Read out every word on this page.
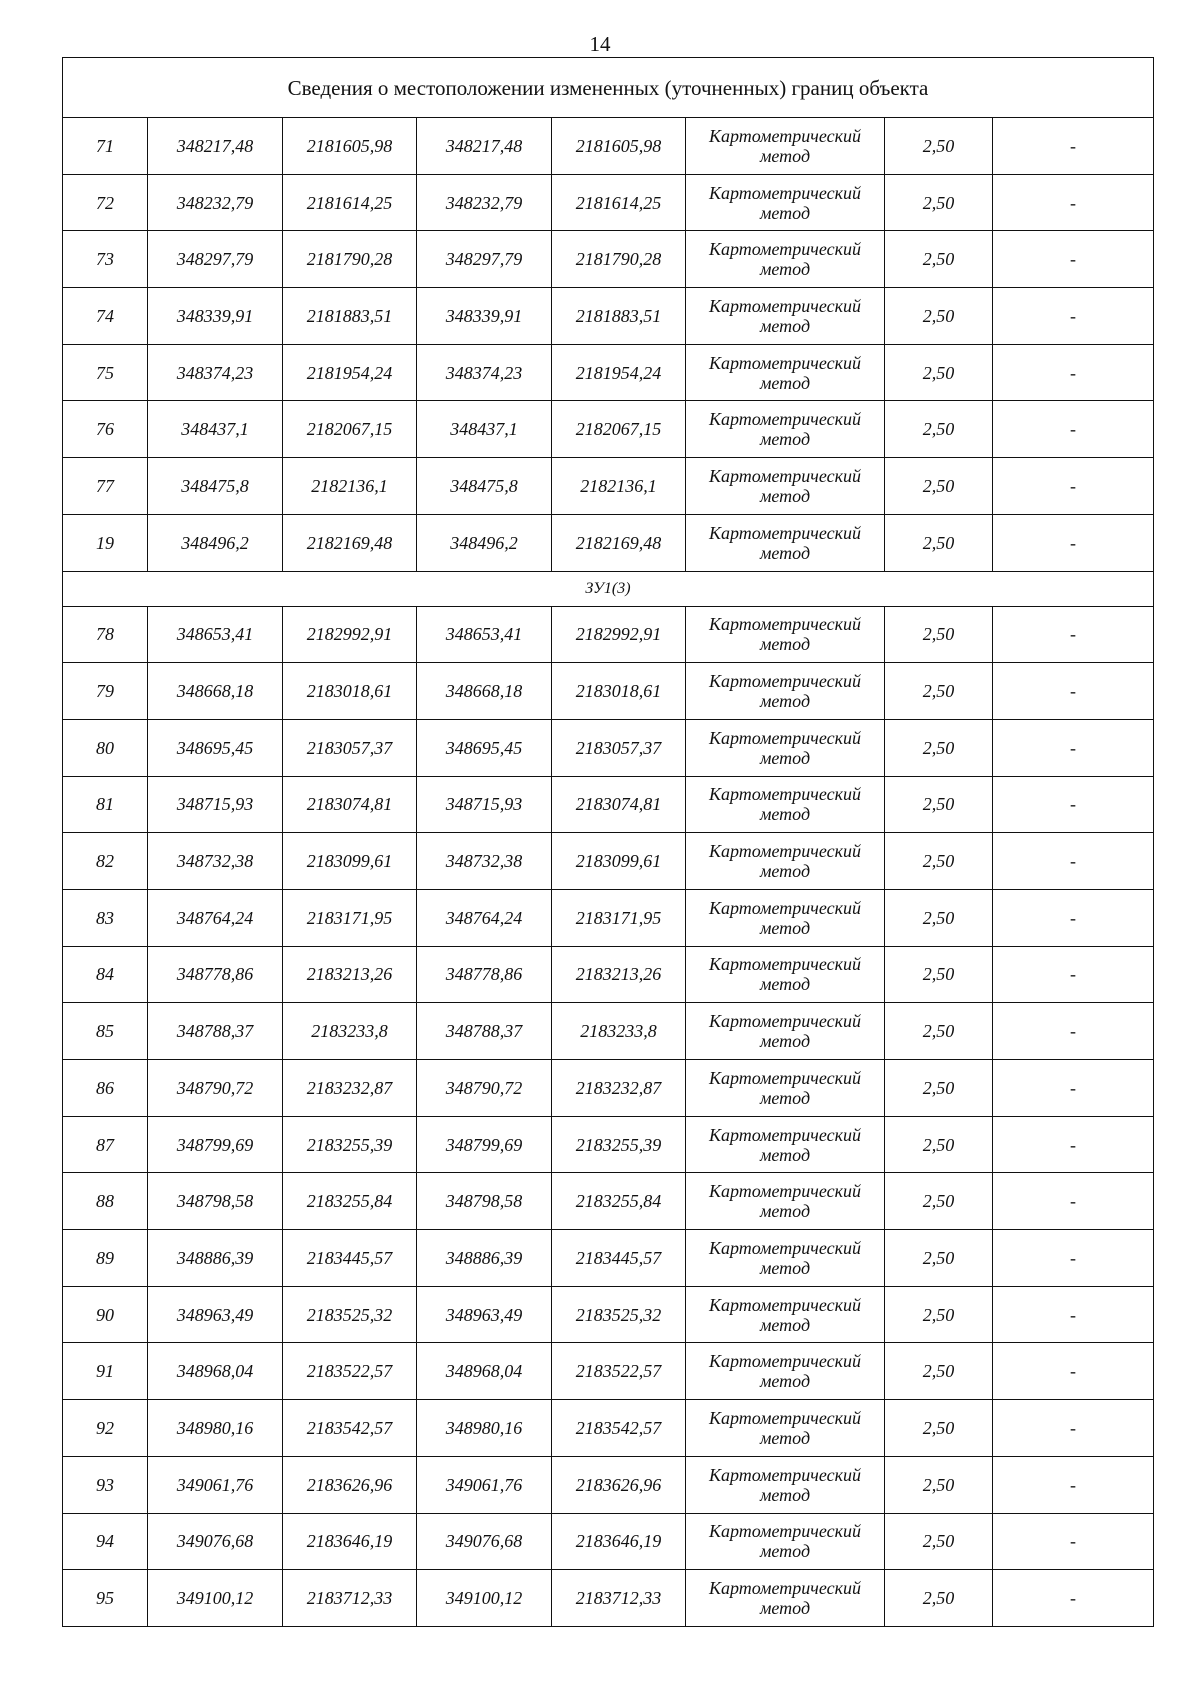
14
Сведения о местоположении измененных (уточненных) границ объекта							
71	348217,48	2181605,98	348217,48	2181605,98	Картометрический метод	2,50	-
72	348232,79	2181614,25	348232,79	2181614,25	Картометрический метод	2,50	-
73	348297,79	2181790,28	348297,79	2181790,28	Картометрический метод	2,50	-
74	348339,91	2181883,51	348339,91	2181883,51	Картометрический метод	2,50	-
75	348374,23	2181954,24	348374,23	2181954,24	Картометрический метод	2,50	-
76	348437,1	2182067,15	348437,1	2182067,15	Картометрический метод	2,50	-
77	348475,8	2182136,1	348475,8	2182136,1	Картометрический метод	2,50	-
19	348496,2	2182169,48	348496,2	2182169,48	Картометрический метод	2,50	-
ЗУ1(3)							
78	348653,41	2182992,91	348653,41	2182992,91	Картометрический метод	2,50	-
79	348668,18	2183018,61	348668,18	2183018,61	Картометрический метод	2,50	-
80	348695,45	2183057,37	348695,45	2183057,37	Картометрический метод	2,50	-
81	348715,93	2183074,81	348715,93	2183074,81	Картометрический метод	2,50	-
82	348732,38	2183099,61	348732,38	2183099,61	Картометрический метод	2,50	-
83	348764,24	2183171,95	348764,24	2183171,95	Картометрический метод	2,50	-
84	348778,86	2183213,26	348778,86	2183213,26	Картометрический метод	2,50	-
85	348788,37	2183233,8	348788,37	2183233,8	Картометрический метод	2,50	-
86	348790,72	2183232,87	348790,72	2183232,87	Картометрический метод	2,50	-
87	348799,69	2183255,39	348799,69	2183255,39	Картометрический метод	2,50	-
88	348798,58	2183255,84	348798,58	2183255,84	Картометрический метод	2,50	-
89	348886,39	2183445,57	348886,39	2183445,57	Картометрический метод	2,50	-
90	348963,49	2183525,32	348963,49	2183525,32	Картометрический метод	2,50	-
91	348968,04	2183522,57	348968,04	2183522,57	Картометрический метод	2,50	-
92	348980,16	2183542,57	348980,16	2183542,57	Картометрический метод	2,50	-
93	349061,76	2183626,96	349061,76	2183626,96	Картометрический метод	2,50	-
94	349076,68	2183646,19	349076,68	2183646,19	Картометрический метод	2,50	-
95	349100,12	2183712,33	349100,12	2183712,33	Картометрический метод	2,50	-
